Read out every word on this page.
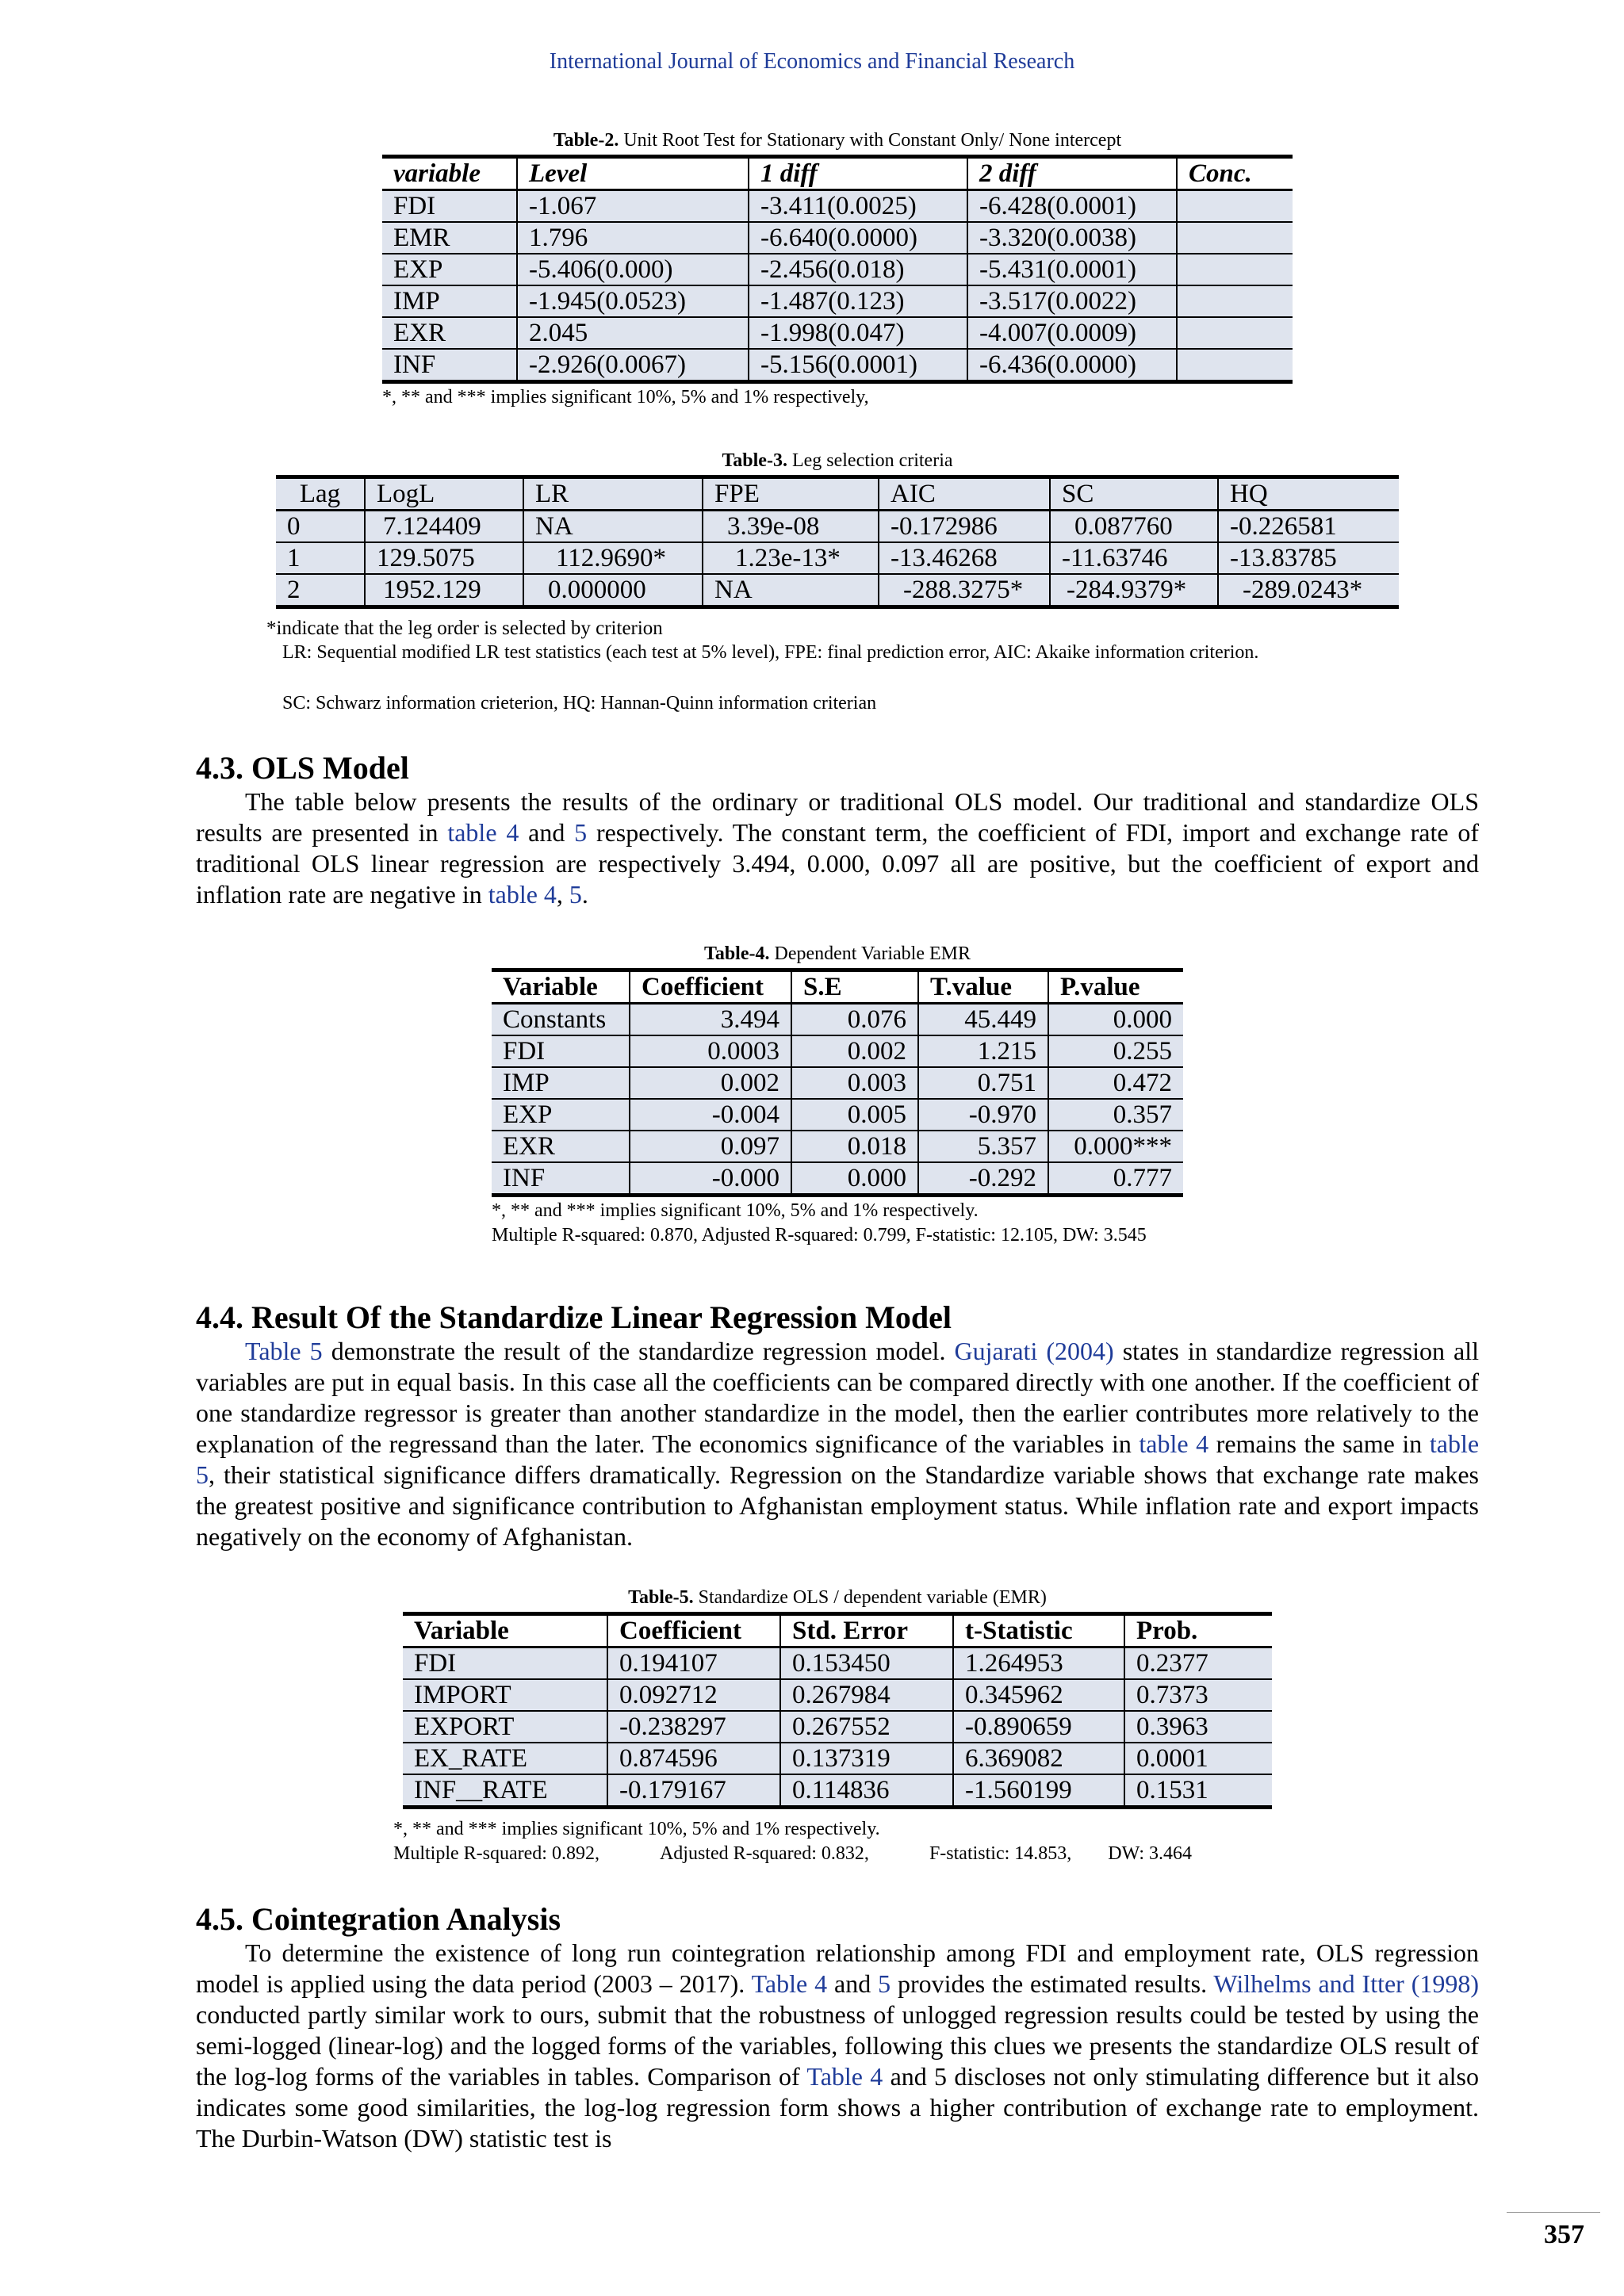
International Journal of Economics and Financial Research
Table-2. Unit Root Test for Stationary with Constant Only/ None intercept
variable	Level	1 diff	2 diff	Conc.
FDI	-1.067	-3.411(0.0025)	-6.428(0.0001)	
EMR	1.796	-6.640(0.0000)	-3.320(0.0038)	
EXP	-5.406(0.000)	-2.456(0.018)	-5.431(0.0001)	
IMP	-1.945(0.0523)	-1.487(0.123)	-3.517(0.0022)	
EXR	2.045	-1.998(0.047)	-4.007(0.0009)	
INF	-2.926(0.0067)	-5.156(0.0001)	-6.436(0.0000)	
*, ** and *** implies significant 10%, 5% and 1% respectively,
Table-3. Leg selection criteria
Lag	LogL	LR	FPE	AIC	SC	HQ
0	7.124409	NA	3.39e-08	-0.172986	0.087760	-0.226581
1	129.5075	112.9690*	1.23e-13*	-13.46268	-11.63746	-13.83785
2	1952.129	0.000000	NA	-288.3275*	-284.9379*	-289.0243*
*indicate that the leg order is selected by criterion
LR: Sequential modified LR test statistics (each test at 5% level), FPE: final prediction error, AIC: Akaike information criterion.
SC: Schwarz information crieterion, HQ: Hannan-Quinn information criterian
4.3. OLS Model

The table below presents the results of the ordinary or traditional OLS model. Our traditional and standardize OLS results are presented in table 4 and 5 respectively. The constant term, the coefficient of FDI, import and exchange rate of traditional OLS linear regression are respectively 3.494, 0.000, 0.097 all are positive, but the coefficient of export and inflation rate are negative in table 4, 5.

Table-4. Dependent Variable EMR
Variable	Coefficient	S.E	T.value	P.value
Constants	3.494	0.076	45.449	0.000
FDI	0.0003	0.002	1.215	0.255
IMP	0.002	0.003	0.751	0.472
EXP	-0.004	0.005	-0.970	0.357
EXR	0.097	0.018	5.357	0.000***
INF	-0.000	0.000	-0.292	0.777
*, ** and *** implies significant 10%, 5% and 1% respectively.
Multiple R-squared: 0.870, Adjusted R-squared: 0.799, F-statistic: 12.105, DW: 3.545
4.4. Result Of the Standardize Linear Regression Model

Table 5 demonstrate the result of the standardize regression model. Gujarati (2004) states in standardize regression all variables are put in equal basis. In this case all the coefficients can be compared directly with one another. If the coefficient of one standardize regressor is greater than another standardize in the model, then the earlier contributes more relatively to the explanation of the regressand than the later. The economics significance of the variables in table 4 remains the same in table 5, their statistical significance differs dramatically. Regression on the Standardize variable shows that exchange rate makes the greatest positive and significance contribution to Afghanistan employment status. While inflation rate and export impacts negatively on the economy of Afghanistan.

Table-5. Standardize OLS / dependent variable (EMR)
Variable	Coefficient	Std. Error	t-Statistic	Prob.
FDI	0.194107	0.153450	1.264953	0.2377
IMPORT	0.092712	0.267984	0.345962	0.7373
EXPORT	-0.238297	0.267552	-0.890659	0.3963
EX_RATE	0.874596	0.137319	6.369082	0.0001
INF__RATE	-0.179167	0.114836	-1.560199	0.1531
*, ** and *** implies significant 10%, 5% and 1% respectively.
Multiple R-squared: 0.892,	Adjusted R-squared: 0.832,	F-statistic: 14.853, DW: 3.464
4.5. Cointegration Analysis

To determine the existence of long run cointegration relationship among FDI and employment rate, OLS regression model is applied using the data period (2003 – 2017). Table 4 and 5 provides the estimated results. Wilhelms and Itter (1998) conducted partly similar work to ours, submit that the robustness of unlogged regression results could be tested by using the semi-logged (linear-log) and the logged forms of the variables, following this clues we presents the standardize OLS result of the log-log forms of the variables in tables. Comparison of Table 4 and 5 discloses not only stimulating difference but it also indicates some good similarities, the log-log regression form shows a higher contribution of exchange rate to employment. The Durbin-Watson (DW) statistic test is

357
